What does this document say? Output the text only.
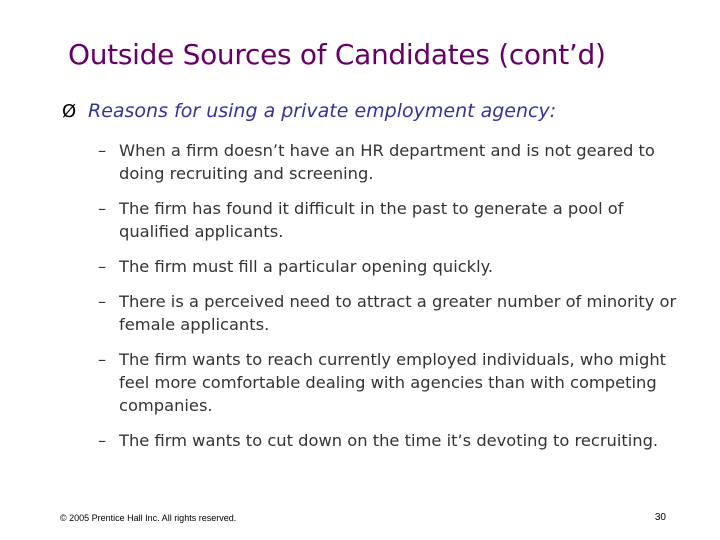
Outside Sources of Candidates (cont’d)
Ø Reasons for using a private employment agency:
– When a firm doesn’t have an HR department and is not geared to doing recruiting and screening.
– The firm has found it difficult in the past to generate a pool of qualified applicants.
– The firm must fill a particular opening quickly.
– There is a perceived need to attract a greater number of minority or female applicants.
– The firm wants to reach currently employed individuals, who might feel more comfortable dealing with agencies than with competing companies.
– The firm wants to cut down on the time it’s devoting to recruiting.
© 2005 Prentice Hall Inc. All rights reserved.	30
